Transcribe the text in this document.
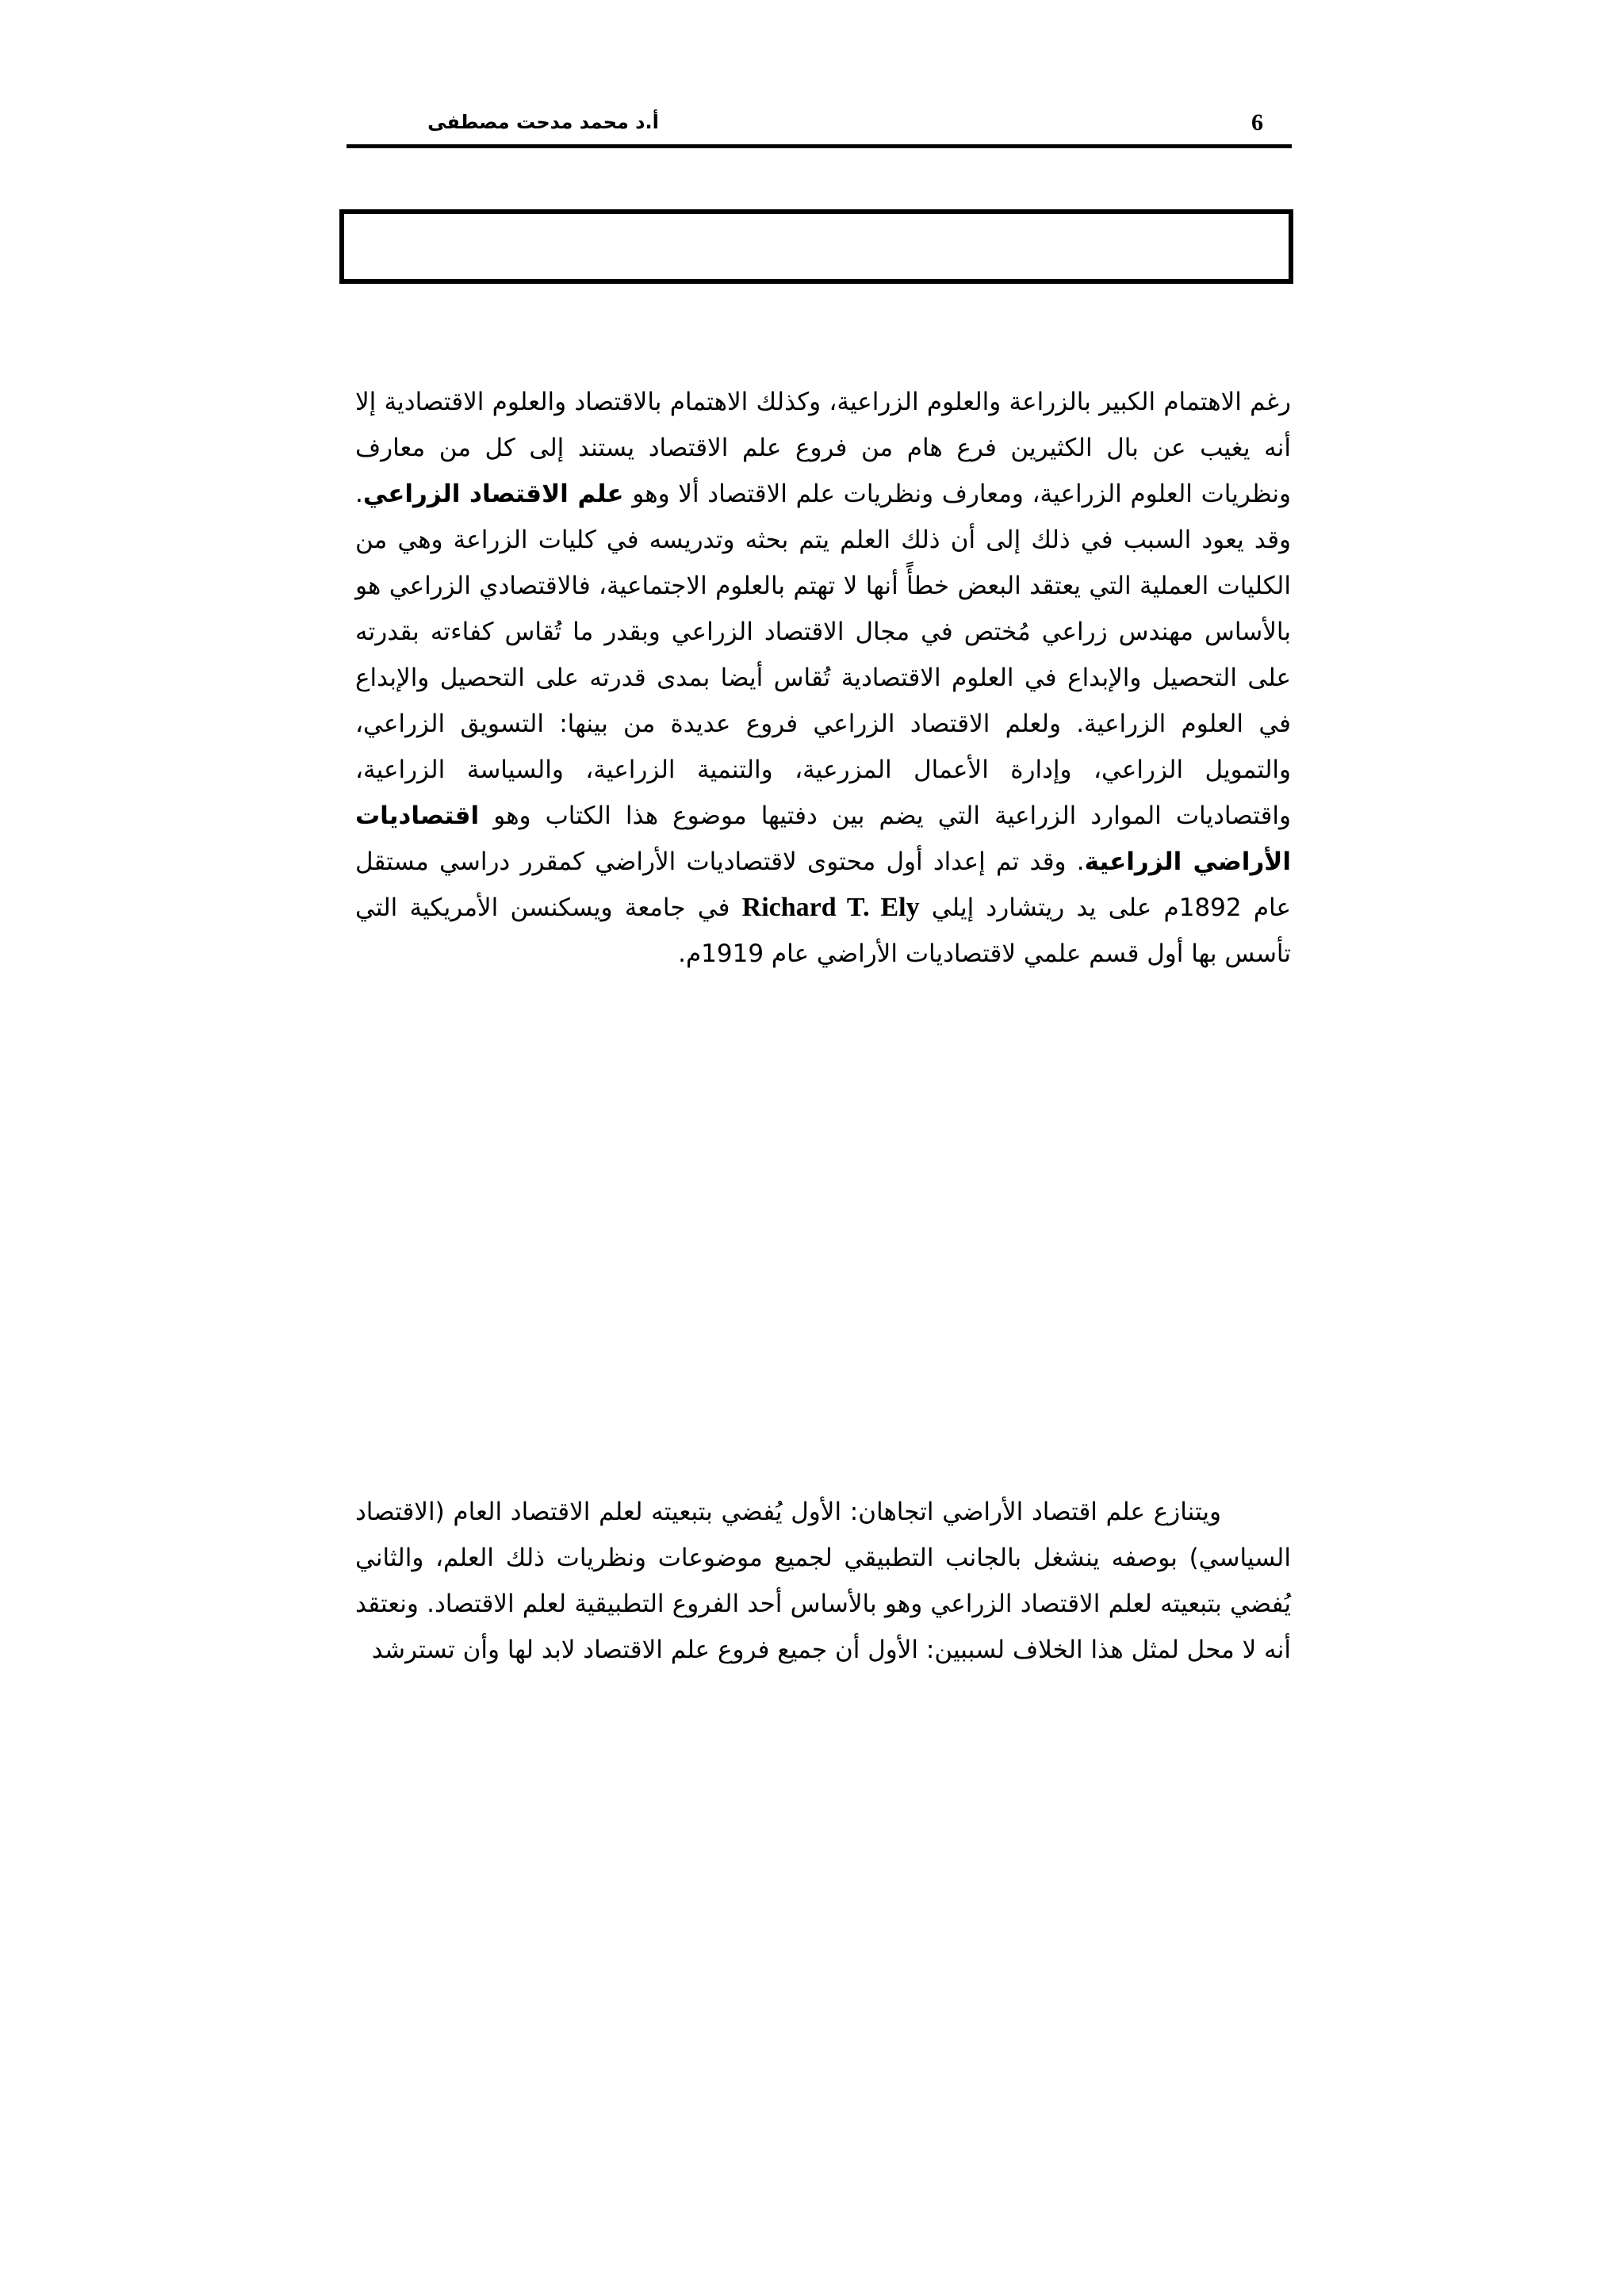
6
أ.د محمد مدحت مصطفى
رغم الاهتمام الكبير بالزراعة والعلوم الزراعية، وكذلك الاهتمام بالاقتصاد والعلوم الاقتصادية إلا أنه يغيب عن بال الكثيرين فرع هام من فروع علم الاقتصاد يستند إلى كل من معارف ونظريات العلوم الزراعية، ومعارف ونظريات علم الاقتصاد ألا وهو علم الاقتصاد الزراعي. وقد يعود السبب في ذلك إلى أن ذلك العلم يتم بحثه وتدريسه في كليات الزراعة وهي من الكليات العملية التي يعتقد البعض خطأً أنها لا تهتم بالعلوم الاجتماعية، فالاقتصادي الزراعي هو بالأساس مهندس زراعي مُختص في مجال الاقتصاد الزراعي وبقدر ما تُقاس كفاءته بقدرته على التحصيل والإبداع في العلوم الاقتصادية تُقاس أيضا بمدى قدرته على التحصيل والإبداع في العلوم الزراعية. ولعلم الاقتصاد الزراعي فروع عديدة من بينها: التسويق الزراعي، والتمويل الزراعي، وإدارة الأعمال المزرعية، والتنمية الزراعية، والسياسة الزراعية، واقتصاديات الموارد الزراعية التي يضم بين دفتيها موضوع هذا الكتاب وهو اقتصاديات الأراضي الزراعية. وقد تم إعداد أول محتوى لاقتصاديات الأراضي كمقرر دراسي مستقل عام 1892م على يد ريتشارد إيلي Richard T. Ely في جامعة ويسكنسن الأمريكية التي تأسس بها أول قسم علمي لاقتصاديات الأراضي عام 1919م.
ويتنازع علم اقتصاد الأراضي اتجاهان: الأول يُفضي بتبعيته لعلم الاقتصاد العام (الاقتصاد السياسي) بوصفه ينشغل بالجانب التطبيقي لجميع موضوعات ونظريات ذلك العلم، والثاني يُفضي بتبعيته لعلم الاقتصاد الزراعي وهو بالأساس أحد الفروع التطبيقية لعلم الاقتصاد. ونعتقد أنه لا محل لمثل هذا الخلاف لسببين: الأول أن جميع فروع علم الاقتصاد لابد لها وأن تسترشد
